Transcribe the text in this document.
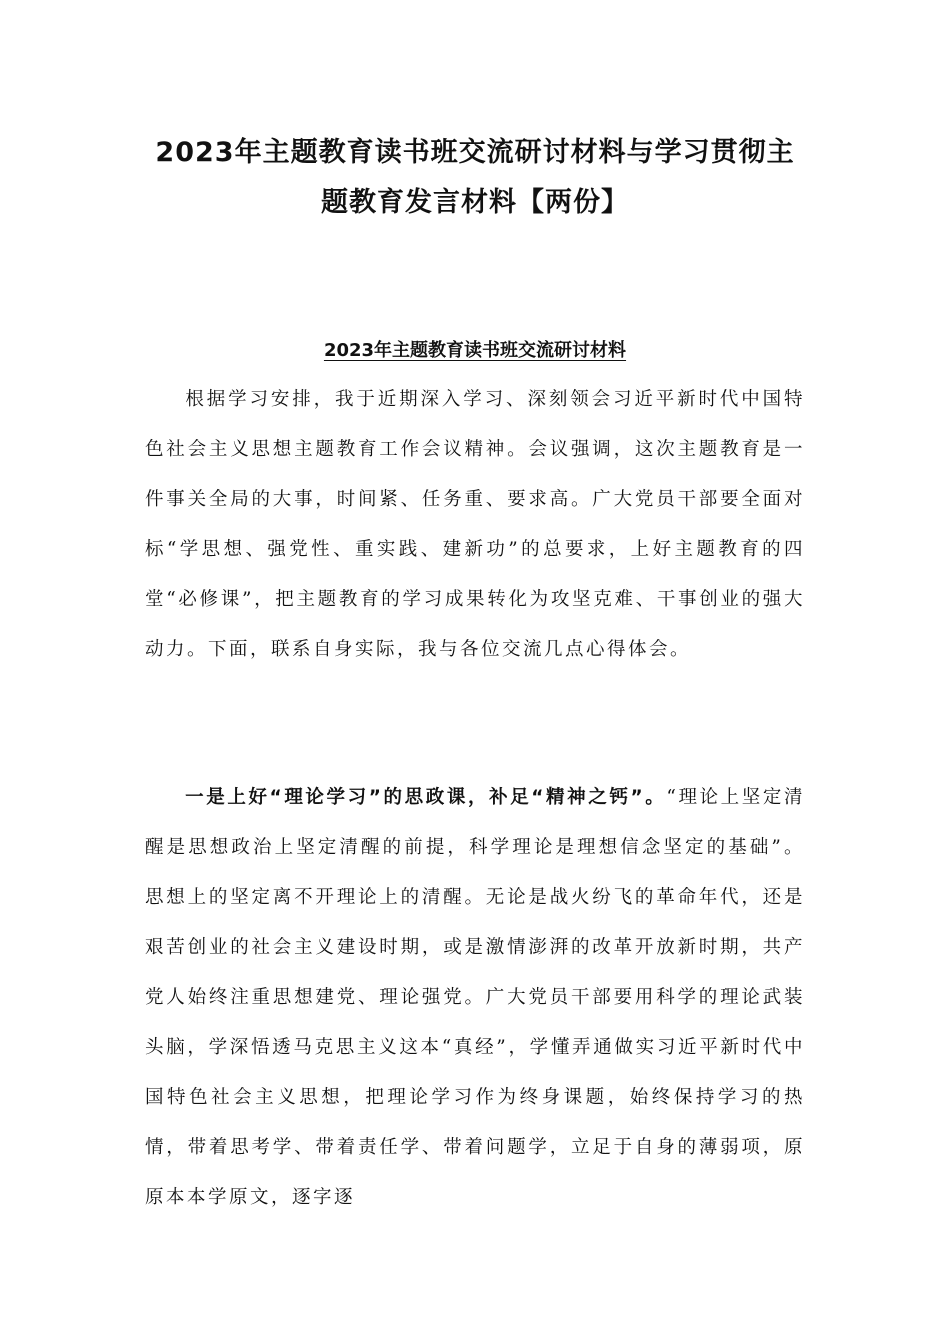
2023年主题教育读书班交流研讨材料与学习贯彻主
题教育发言材料【两份】
2023年主题教育读书班交流研讨材料

根据学习安排，我于近期深入学习、深刻领会习近平新时代中国特色社会主义思想主题教育工作会议精神。会议强调，这次主题教育是一件事关全局的大事，时间紧、任务重、要求高。广大党员干部要全面对标“学思想、强党性、重实践、建新功”的总要求，上好主题教育的四堂“必修课”，把主题教育的学习成果转化为攻坚克难、干事创业的强大动力。下面，联系自身实际，我与各位交流几点心得体会。

一是上好“理论学习”的思政课，补足“精神之钙”。“理论上坚定清醒是思想政治上坚定清醒的前提，科学理论是理想信念坚定的基础”。思想上的坚定离不开理论上的清醒。无论是战火纷飞的革命年代，还是艰苦创业的社会主义建设时期，或是激情澎湃的改革开放新时期，共产党人始终注重思想建党、理论强党。广大党员干部要用科学的理论武装头脑，学深悟透马克思主义这本“真经”，学懂弄通做实习近平新时代中国特色社会主义思想，把理论学习作为终身课题，始终保持学习的热情，带着思考学、带着责任学、带着问题学，立足于自身的薄弱项，原原本本学原文，逐字逐
